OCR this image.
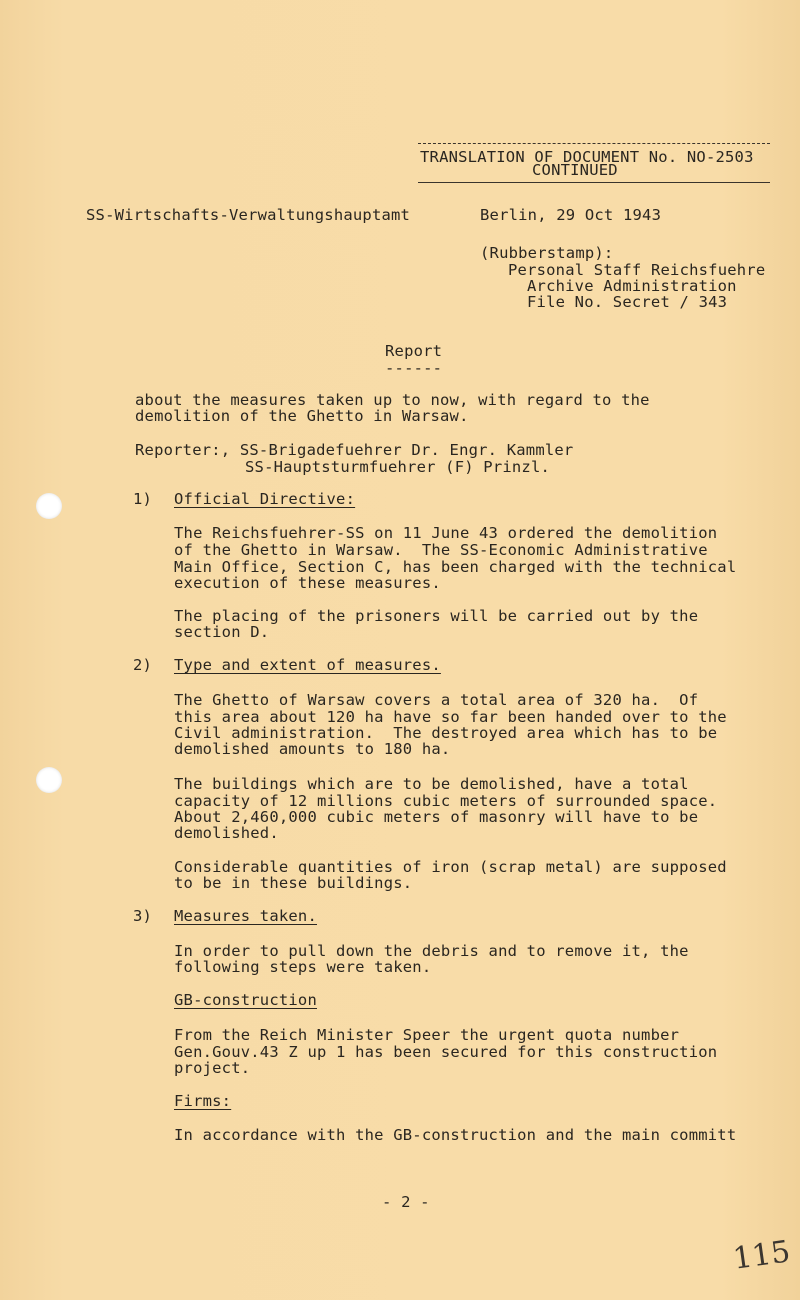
TRANSLATION OF DOCUMENT No. NO-2503
CONTINUED
SS-Wirtschafts-Verwaltungshauptamt	Berlin, 29 Oct 1943
(Rubberstamp):
Personal Staff Reichsfuehre
Archive Administration
File No. Secret / 343
Report
------
about the measures taken up to now, with regard to the
demolition of the Ghetto in Warsaw.
Reporter:, SS-Brigadefuehrer Dr. Engr. Kammler
SS-Hauptsturmfuehrer (F) Prinzl.
1) Official Directive:
The Reichsfuehrer-SS on 11 June 43 ordered the demolition
of the Ghetto in Warsaw.  The SS-Economic Administrative
Main Office, Section C, has been charged with the technical
execution of these measures.
The placing of the prisoners will be carried out by the
section D.
2) Type and extent of measures.
The Ghetto of Warsaw covers a total area of 320 ha.  Of
this area about 120 ha have so far been handed over to the
Civil administration.  The destroyed area which has to be
demolished amounts to 180 ha.
The buildings which are to be demolished, have a total
capacity of 12 millions cubic meters of surrounded space.
About 2,460,000 cubic meters of masonry will have to be
demolished.
Considerable quantities of iron (scrap metal) are supposed
to be in these buildings.
3) Measures taken.
In order to pull down the debris and to remove it, the
following steps were taken.
GB-construction
From the Reich Minister Speer the urgent quota number
Gen.Gouv.43 Z up 1 has been secured for this construction
project.
Firms:
In accordance with the GB-construction and the main committ
- 2 -
115
